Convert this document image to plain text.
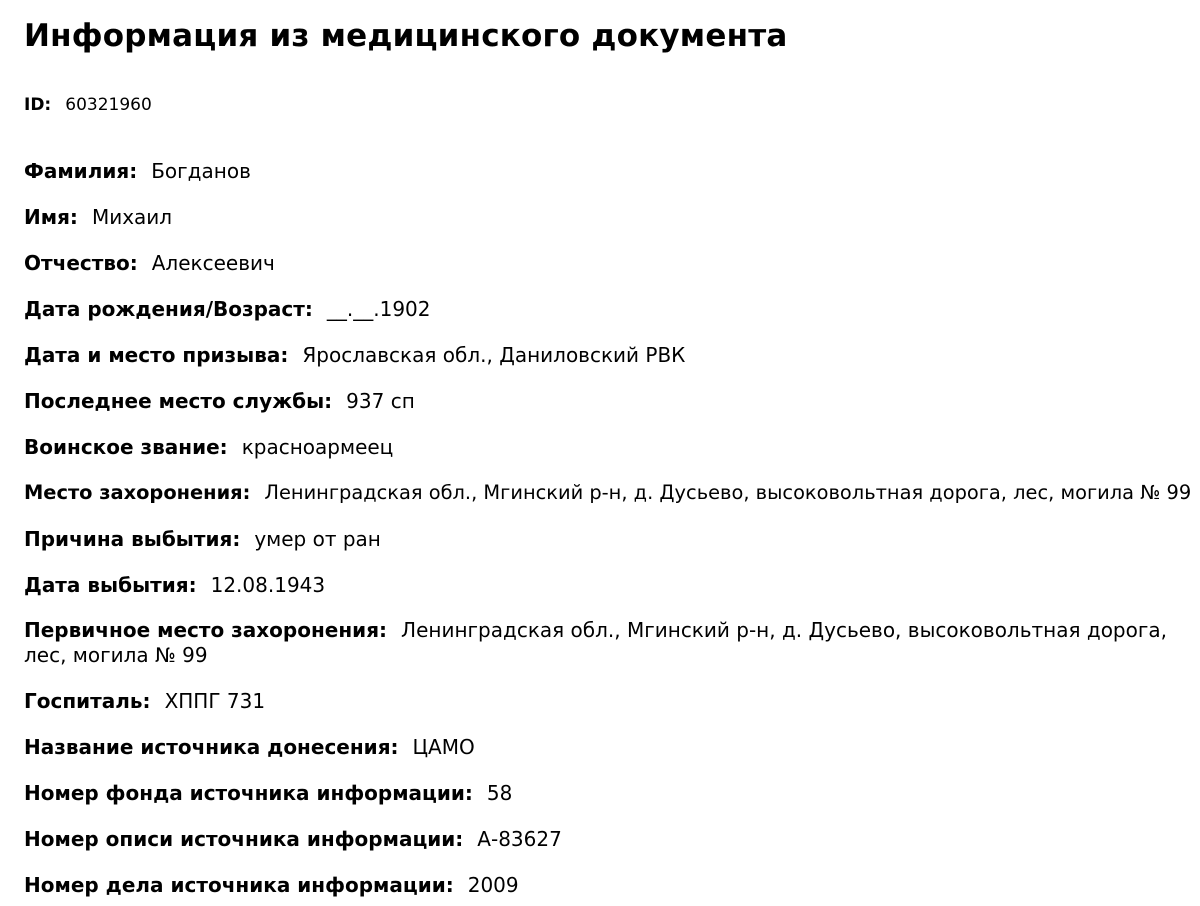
Информация из медицинского документа
ID: 60321960
Фамилия: Богданов
Имя: Михаил
Отчество: Алексеевич
Дата рождения/Возраст: __.__.1902
Дата и место призыва: Ярославская обл., Даниловский РВК
Последнее место службы: 937 сп
Воинское звание: красноармеец
Место захоронения: Ленинградская обл., Мгинский р-н, д. Дусьево, высоковольтная дорога, лес, могила № 99
Причина выбытия: умер от ран
Дата выбытия: 12.08.1943
Первичное место захоронения: Ленинградская обл., Мгинский р-н, д. Дусьево, высоковольтная дорога, лес, могила № 99
Госпиталь: ХППГ 731
Название источника донесения: ЦАМО
Номер фонда источника информации: 58
Номер описи источника информации: А-83627
Номер дела источника информации: 2009
